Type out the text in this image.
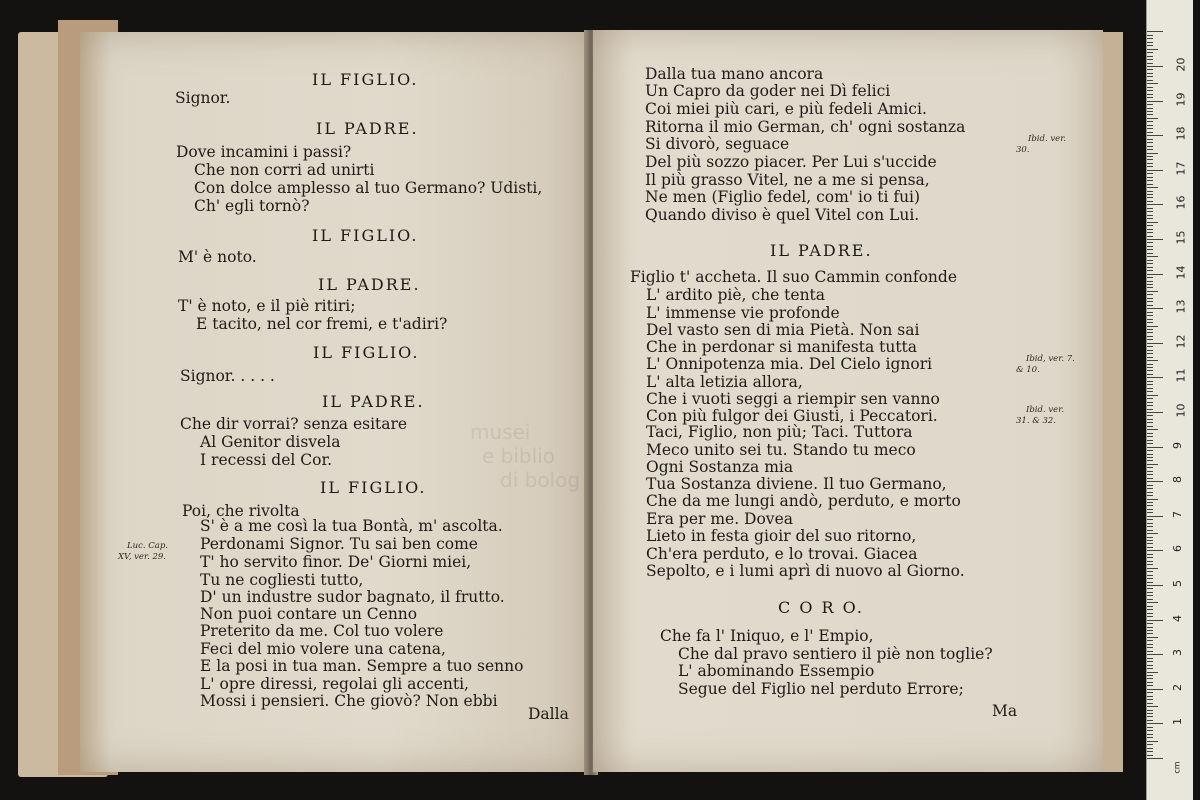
IL FIGLIO.
Signor.
IL PADRE.
Dove incamini i passi?
Che non corri ad unirti
Con dolce amplesso al tuo Germano? Udisti,
Ch' egli tornò?
IL FIGLIO.
M' è noto.
IL PADRE.
T' è noto, e il piè ritiri;
E tacito, nel cor fremi, e t'adiri?
IL FIGLIO.
Signor. . . . .
IL PADRE.
Che dir vorrai? senza esitare
Al Genitor disvela
I recessi del Cor.
IL FIGLIO.
Poi, che rivolta
S' è a me così la tua Bontà, m' ascolta.
Perdonami Signor. Tu sai ben come
T' ho servito finor. De' Giorni miei,
Tu ne cogliesti tutto,
D' un industre sudor bagnato, il frutto.
Non puoi contare un Cenno
Preterito da me. Col tuo volere
Feci del mio volere una catena,
E la posi in tua man. Sempre a tuo senno
L' opre diressi, regolai gli accenti,
Mossi i pensieri. Che giovò? Non ebbi
Dalla
Luc. Cap.
XV, ver. 29.
Dalla tua mano ancora
Un Capro da goder nei Dì felici
Coi miei più cari, e più fedeli Amici.
Ritorna il mio German, ch' ogni sostanza
Si divorò, seguace
Del più sozzo piacer. Per Lui s'uccide
Il più grasso Vitel, ne a me si pensa,
Ne men (Figlio fedel, com' io ti fui)
Quando diviso è quel Vitel con Lui.
IL PADRE.
Figlio t' accheta. Il suo Cammin confonde
L' ardito piè, che tenta
L' immense vie profonde
Del vasto sen di mia Pietà. Non sai
Che in perdonar si manifesta tutta
L' Onnipotenza mia. Del Cielo ignori
L' alta letizia allora,
Che i vuoti seggi a riempir sen vanno
Con più fulgor dei Giusti, i Peccatori.
Taci, Figlio, non più; Taci. Tuttora
Meco unito sei tu. Stando tu meco
Ogni Sostanza mia
Tua Sostanza diviene. Il tuo Germano,
Che da me lungi andò, perduto, e morto
Era per me. Dovea
Lieto in festa gioir del suo ritorno,
Ch'era perduto, e lo trovai. Giacea
Sepolto, e i lumi aprì di nuovo al Giorno.
C O R O.
Che fa l' Iniquo, e l' Empio,
Che dal pravo sentiero il piè non toglie?
L' abominando Essempio
Segue del Figlio nel perduto Errore;
Ma
Ibid. ver.
30.
Ibid, ver. 7.
& 10.
Ibid. ver.
31. & 32.
musei
e biblio
di bolog
cm
1
2
3
4
5
6
7
8
9
10
11
12
13
14
15
16
17
18
19
20
